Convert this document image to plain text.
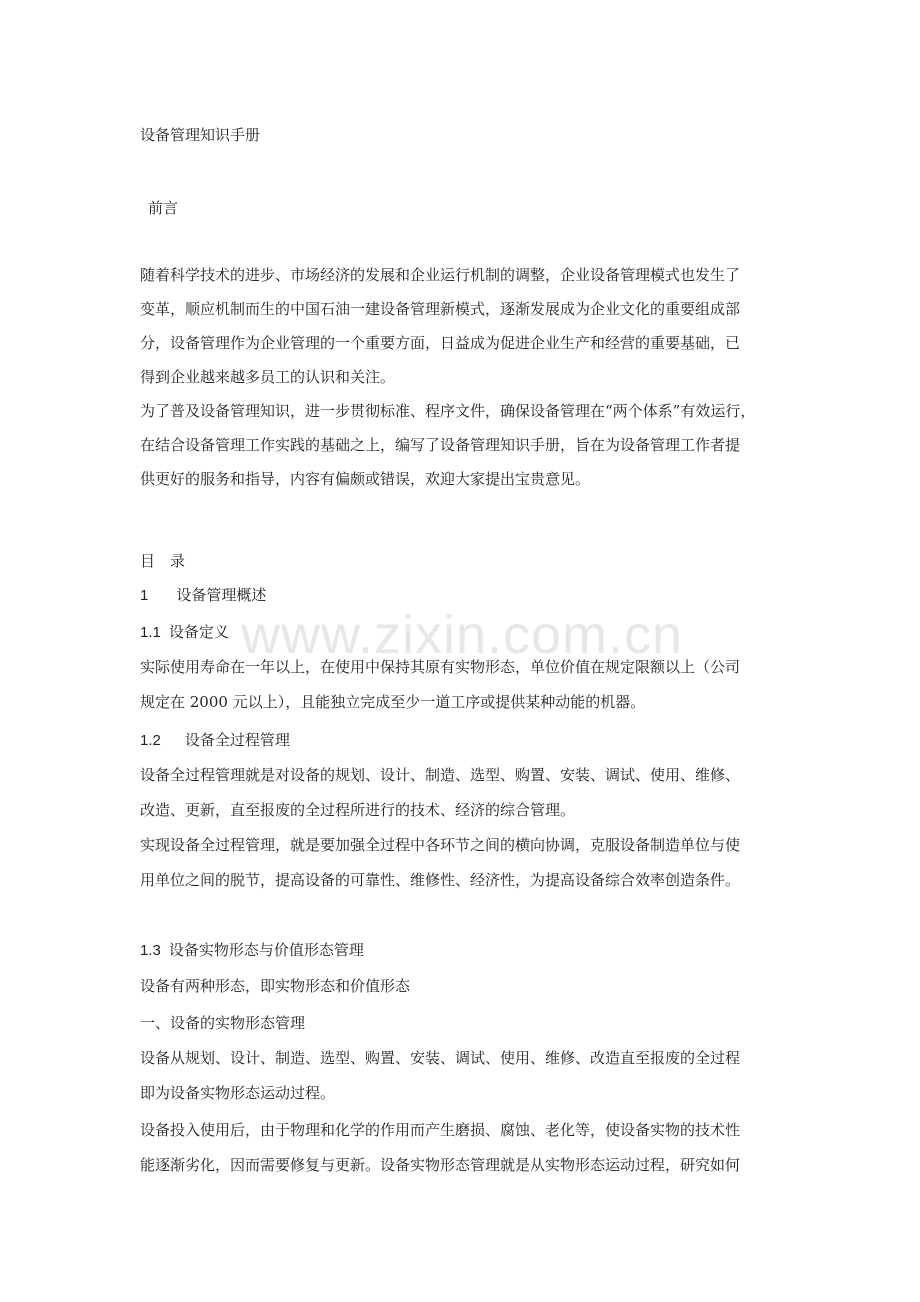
设备管理知识手册
前言
随着科学技术的进步、市场经济的发展和企业运行机制的调整，企业设备管理模式也发生了
变革，顺应机制而生的中国石油一建设备管理新模式，逐渐发展成为企业文化的重要组成部
分，设备管理作为企业管理的一个重要方面，日益成为促进企业生产和经营的重要基础，已
得到企业越来越多员工的认识和关注。
为了普及设备管理知识，进一步贯彻标准、程序文件，确保设备管理在“两个体系”有效运行，
在结合设备管理工作实践的基础之上，编写了设备管理知识手册，旨在为设备管理工作者提
供更好的服务和指导，内容有偏颇或错误，欢迎大家提出宝贵意见。
目　录
1 设备管理概述
1.1 设备定义
实际使用寿命在一年以上，在使用中保持其原有实物形态，单位价值在规定限额以上（公司
规定在 2000 元以上），且能独立完成至少一道工序或提供某种动能的机器。
1.2 设备全过程管理
设备全过程管理就是对设备的规划、设计、制造、选型、购置、安装、调试、使用、维修、
改造、更新，直至报废的全过程所进行的技术、经济的综合管理。
实现设备全过程管理，就是要加强全过程中各环节之间的横向协调，克服设备制造单位与使
用单位之间的脱节，提高设备的可靠性、维修性、经济性，为提高设备综合效率创造条件。
1.3 设备实物形态与价值形态管理
设备有两种形态，即实物形态和价值形态
一、设备的实物形态管理
设备从规划、设计、制造、选型、购置、安装、调试、使用、维修、改造直至报废的全过程
即为设备实物形态运动过程。
设备投入使用后，由于物理和化学的作用而产生磨损、腐蚀、老化等，使设备实物的技术性
能逐渐劣化，因而需要修复与更新。设备实物形态管理就是从实物形态运动过程，研究如何
www.zixin.com.cn
